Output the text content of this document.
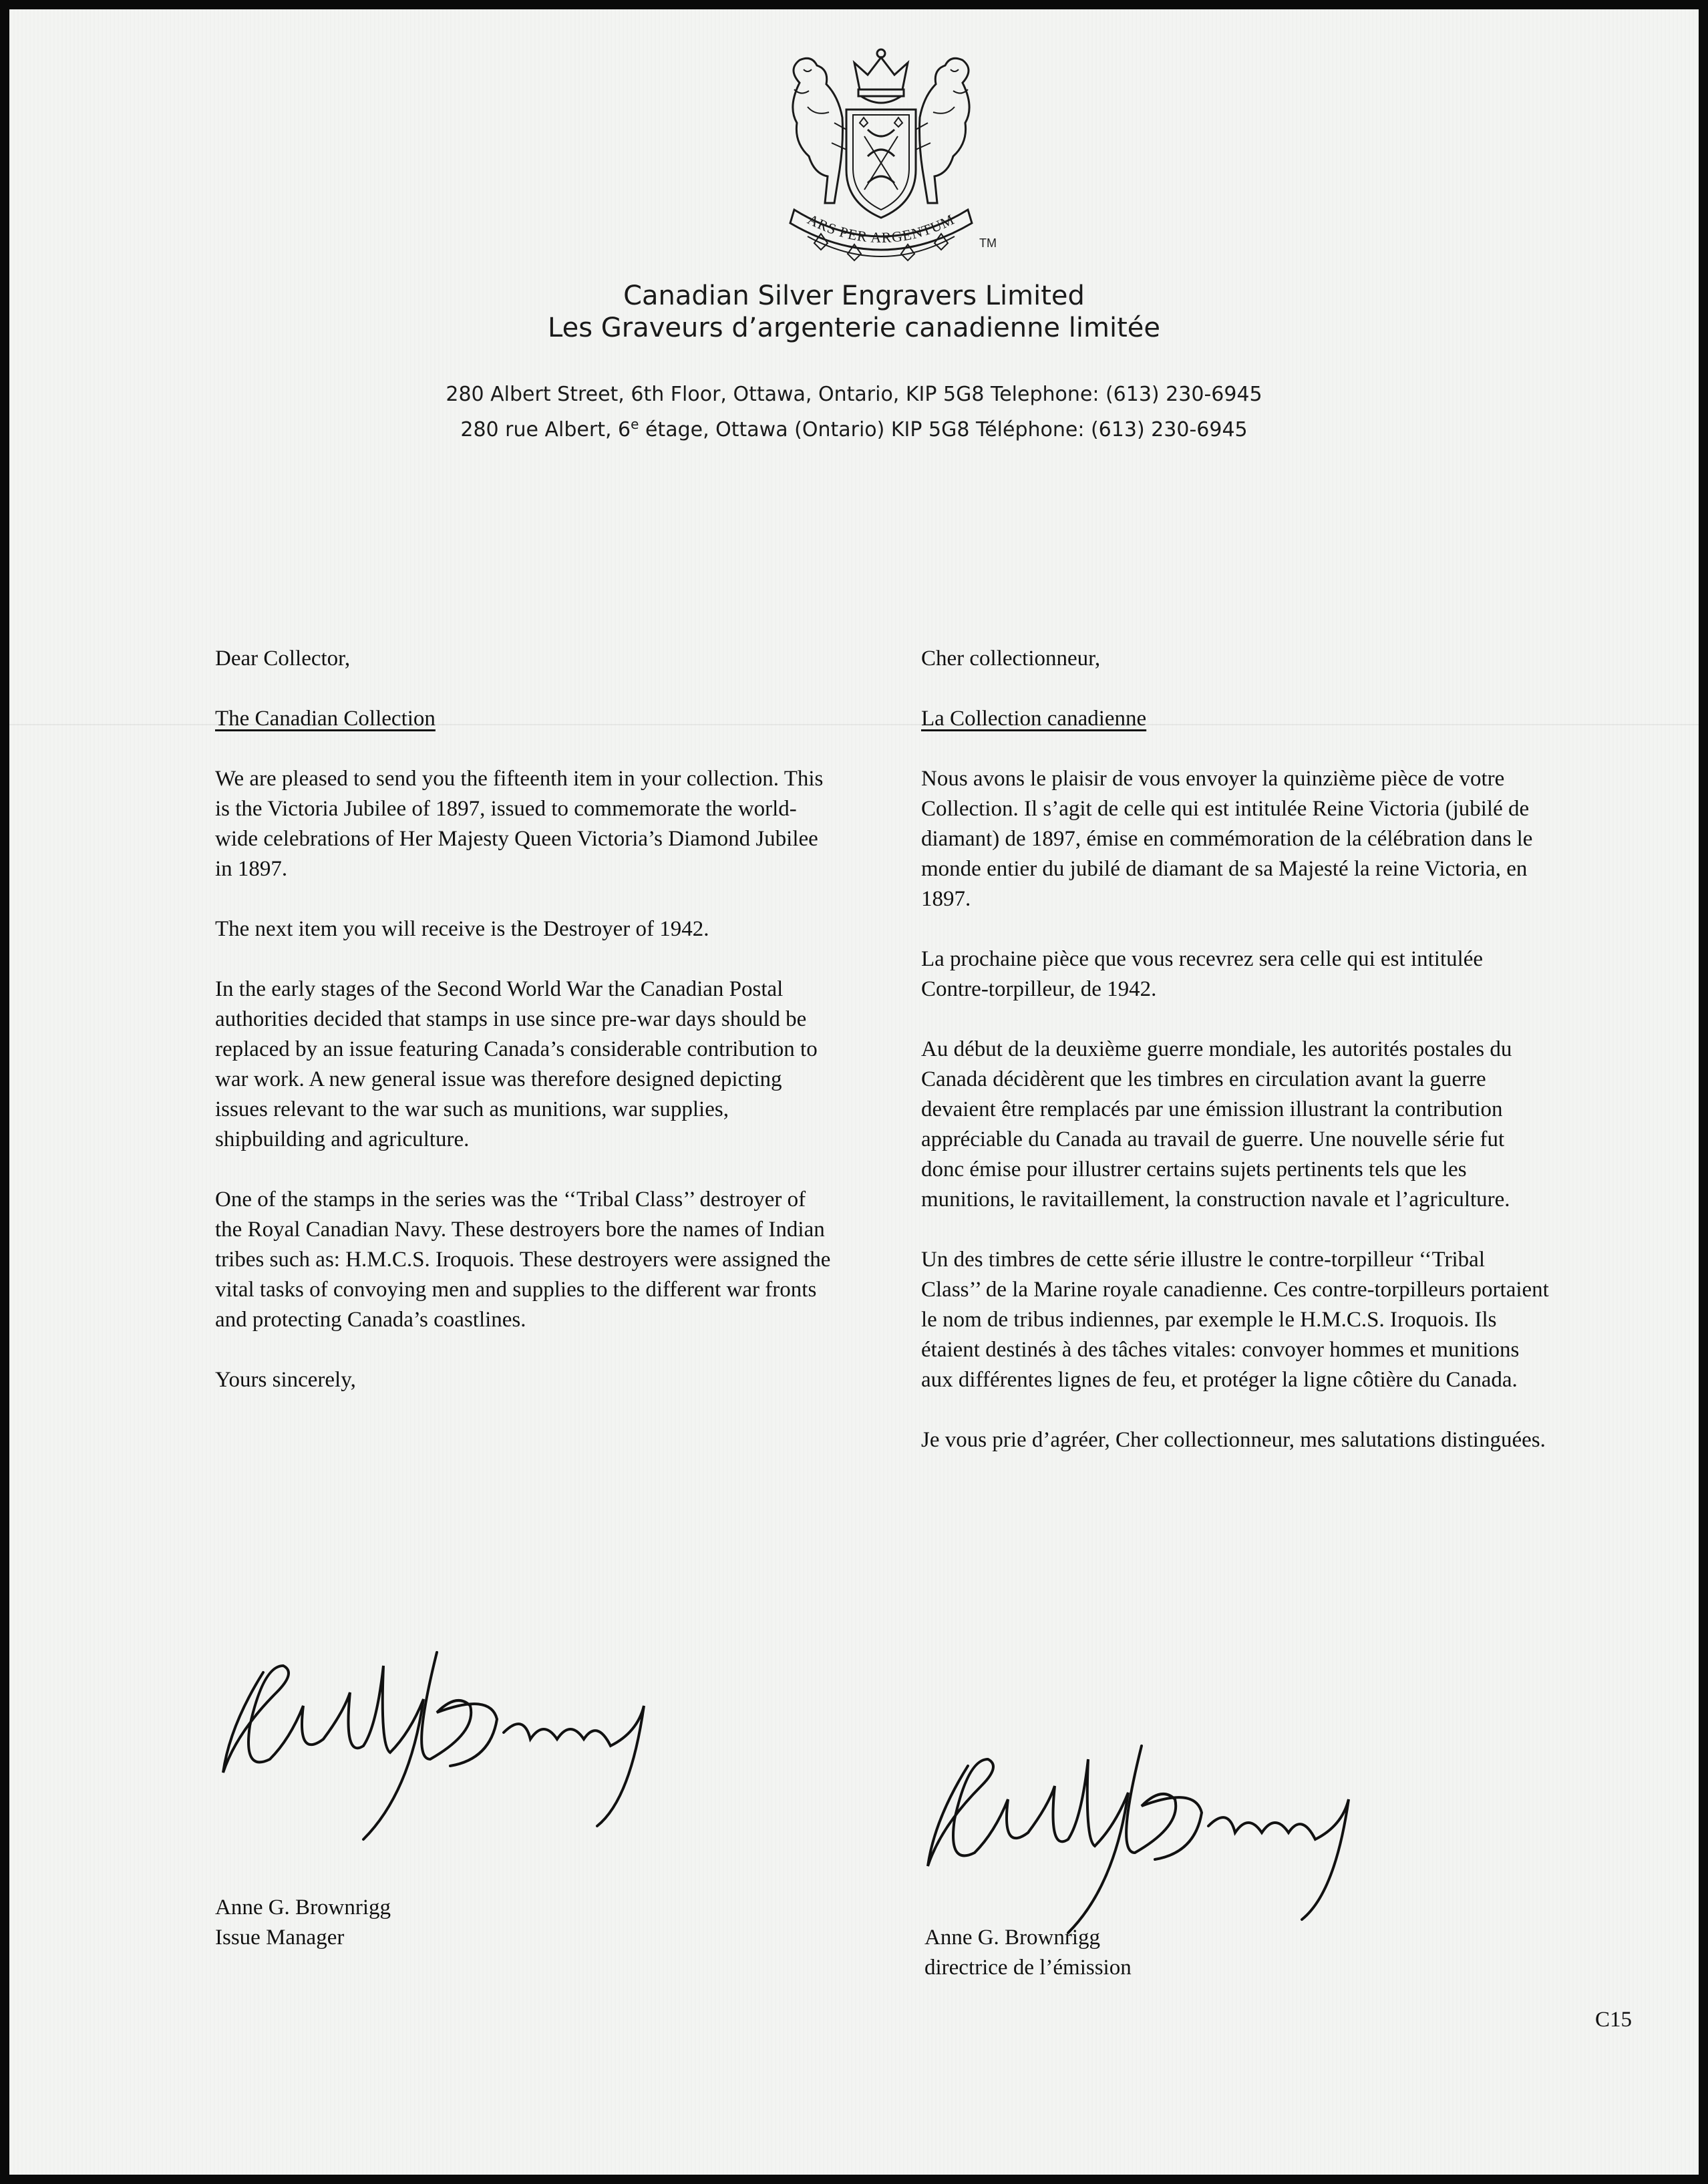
ARS PER ARGENTUM
TM
Canadian Silver Engravers Limited
Les Graveurs d’argenterie canadienne limitée
280 Albert Street, 6th Floor, Ottawa, Ontario, KIP 5G8 Telephone: (613) 230-6945
280 rue Albert, 6e étage, Ottawa (Ontario) KIP 5G8 Téléphone: (613) 230-6945

Dear Collector,

The Canadian Collection

We are pleased to send you the fifteenth item in your collection. This is the Victoria Jubilee of 1897, issued to commemorate the world-wide celebrations of Her Majesty Queen Victoria’s Diamond Jubilee in 1897.

The next item you will receive is the Destroyer of 1942.

In the early stages of the Second World War the Canadian Postal authorities decided that stamps in use since pre-war days should be replaced by an issue featuring Canada’s considerable contribution to war work. A new general issue was therefore designed depicting issues relevant to the war such as munitions, war supplies, shipbuilding and agriculture.

One of the stamps in the series was the ‘‘Tribal Class’’ destroyer of the Royal Canadian Navy. These destroyers bore the names of Indian tribes such as: H.M.C.S. Iroquois. These destroyers were assigned the vital tasks of convoying men and supplies to the different war fronts and protecting Canada’s coastlines.

Yours sincerely,

Anne G. Brownrigg
Issue Manager

Cher collectionneur,

La Collection canadienne

Nous avons le plaisir de vous envoyer la quinzième pièce de votre Collection. Il s’agit de celle qui est intitulée Reine Victoria (jubilé de diamant) de 1897, émise en commémoration de la célébration dans le monde entier du jubilé de diamant de sa Majesté la reine Victoria, en 1897.

La prochaine pièce que vous recevrez sera celle qui est intitulée Contre-torpilleur, de 1942.

Au début de la deuxième guerre mondiale, les autorités postales du Canada décidèrent que les timbres en circulation avant la guerre devaient être remplacés par une émission illustrant la contribution appréciable du Canada au travail de guerre. Une nouvelle série fut donc émise pour illustrer certains sujets pertinents tels que les munitions, le ravitaillement, la construction navale et l’agriculture.

Un des timbres de cette série illustre le contre-torpilleur ‘‘Tribal Class’’ de la Marine royale canadienne. Ces contre-torpilleurs portaient le nom de tribus indiennes, par exemple le H.M.C.S. Iroquois. Ils étaient destinés à des tâches vitales: convoyer hommes et munitions aux différentes lignes de feu, et protéger la ligne côtière du Canada.

Je vous prie d’agréer, Cher collectionneur, mes salutations distinguées.

Anne G. Brownrigg
directrice de l’émission
C15
